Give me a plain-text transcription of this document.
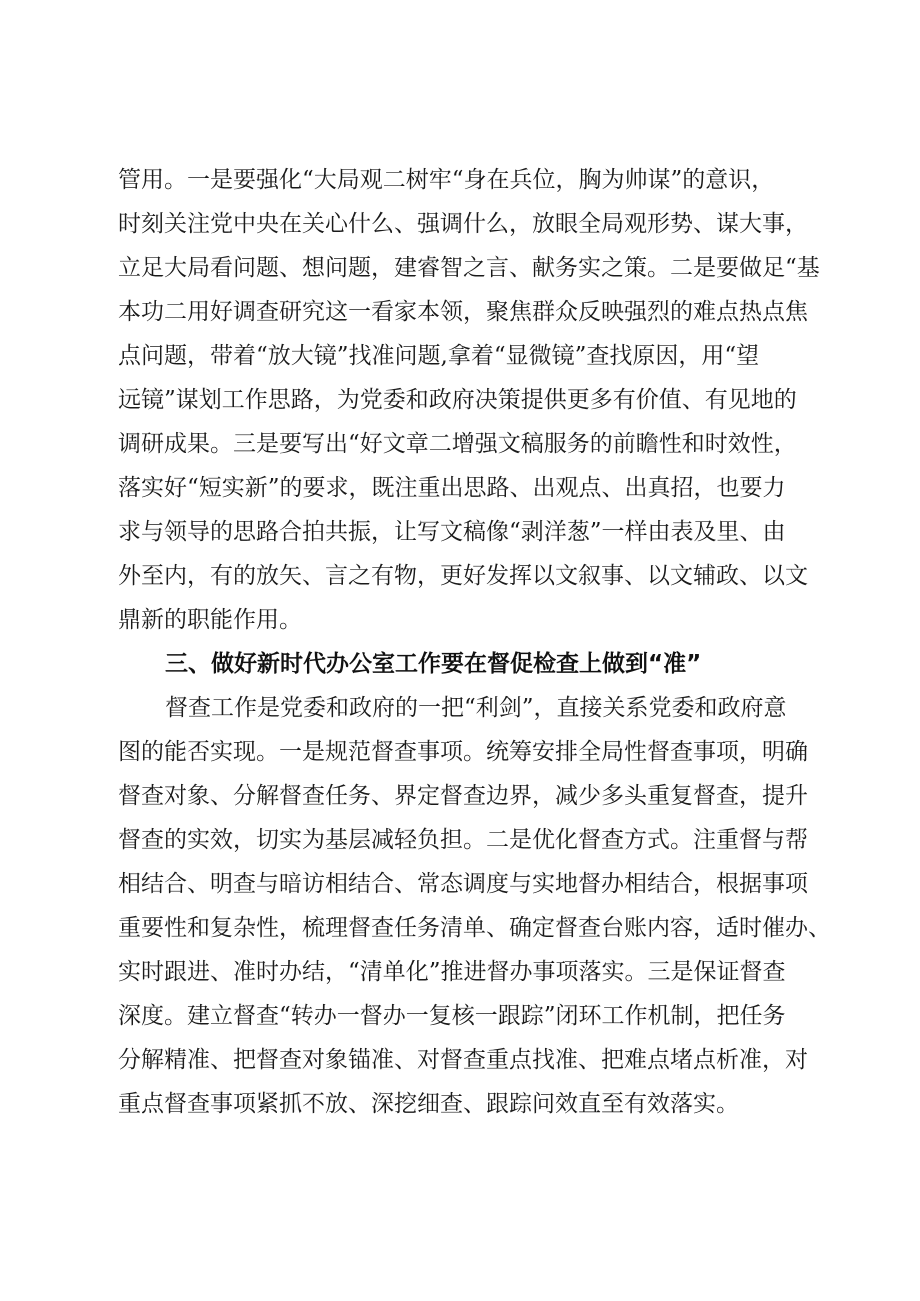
管用。一是要强化“大局观二树牢“身在兵位，胸为帅谋”的意识，
时刻关注党中央在关心什么、强调什么，放眼全局观形势、谋大事，
立足大局看问题、想问题，建睿智之言、献务实之策。二是要做足“基
本功二用好调查研究这一看家本领，聚焦群众反映强烈的难点热点焦
点问题，带着“放大镜”找准问题,拿着“显微镜”查找原因，用“望
远镜”谋划工作思路，为党委和政府决策提供更多有价值、有见地的
调研成果。三是要写出“好文章二增强文稿服务的前瞻性和时效性，
落实好“短实新”的要求，既注重出思路、出观点、出真招，也要力
求与领导的思路合拍共振，让写文稿像“剥洋葱”一样由表及里、由
外至内，有的放矢、言之有物，更好发挥以文叙事、以文辅政、以文
鼎新的职能作用。
三、做好新时代办公室工作要在督促检查上做到“准”
督查工作是党委和政府的一把“利剑”，直接关系党委和政府意
图的能否实现。一是规范督查事项。统筹安排全局性督查事项，明确
督查对象、分解督查任务、界定督查边界，减少多头重复督查，提升
督查的实效，切实为基层减轻负担。二是优化督查方式。注重督与帮
相结合、明查与暗访相结合、常态调度与实地督办相结合，根据事项
重要性和复杂性，梳理督查任务清单、确定督查台账内容，适时催办、
实时跟进、准时办结，“清单化”推进督办事项落实。三是保证督查
深度。建立督查“转办一督办一复核一跟踪”闭环工作机制，把任务
分解精准、把督查对象锚准、对督查重点找准、把难点堵点析准，对
重点督查事项紧抓不放、深挖细查、跟踪问效直至有效落实。
